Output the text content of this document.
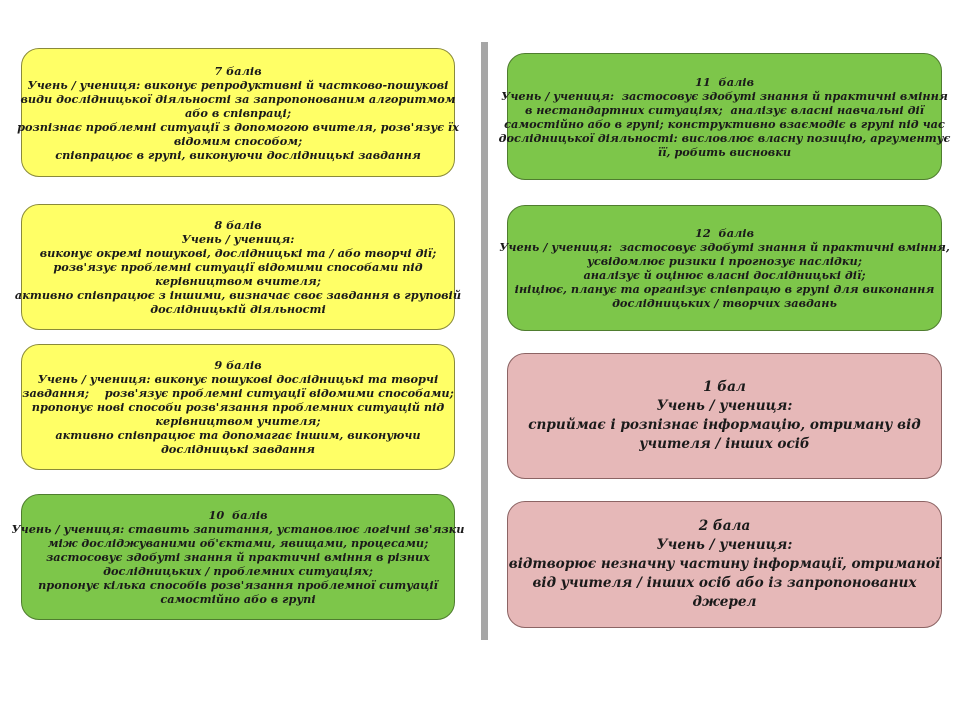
7 балів
Учень / учениця: виконує репродуктивні й частково-пошукові
види дослідницької діяльності за запропонованим алгоритмом
або в співпраці;
розпізнає проблемні ситуації з допомогою вчителя, розв'язує їх
відомим способом;
співпрацює в групі, виконуючи дослідницькі завдання
8 балів
Учень / учениця:
виконує окремі пошукові, дослідницькі та / або творчі дії;
розв'язує проблемні ситуації відомими способами під
керівництвом вчителя;
активно співпрацює з іншими, визначає своє завдання в груповій
дослідницькій діяльності
9 балів
Учень / учениця: виконує пошукові дослідницькі та творчі
завдання;    розв'язує проблемні ситуації відомими способами;
пропонує нові способи розв'язання проблемних ситуацій під
керівництвом учителя;
активно співпрацює та допомагає іншим, виконуючи
дослідницькі завдання
10  балів
Учень / учениця: ставить запитання, установлює логічні зв'язки
між досліджуваними об'єктами, явищами, процесами;
застосовує здобуті знання й практичні вміння в різних
дослідницьких / проблемних ситуаціях;
пропонує кілька способів розв'язання проблемної ситуації
самостійно або в групі
11  балів
Учень / учениця:  застосовує здобуті знання й практичні вміння
в нестандартних ситуаціях;  аналізує власні навчальні дії
самостійно або в групі; конструктивно взаємодіє в групі під час
дослідницької діяльності: висловлює власну позицію, аргументує
її, робить висновки
12  балів
Учень / учениця:  застосовує здобуті знання й практичні вміння,
усвідомлює ризики і прогнозує наслідки;
аналізує й оцінює власні дослідницькі дії;
ініціює, планує та організує співпрацю в групі для виконання
дослідницьких / творчих завдань
1 бал
Учень / учениця:
сприймає і розпізнає інформацію, отриману від
учителя / інших осіб
2 бала
Учень / учениця:
відтворює незначну частину інформації, отриманої
від учителя / інших осіб або із запропонованих
джерел
